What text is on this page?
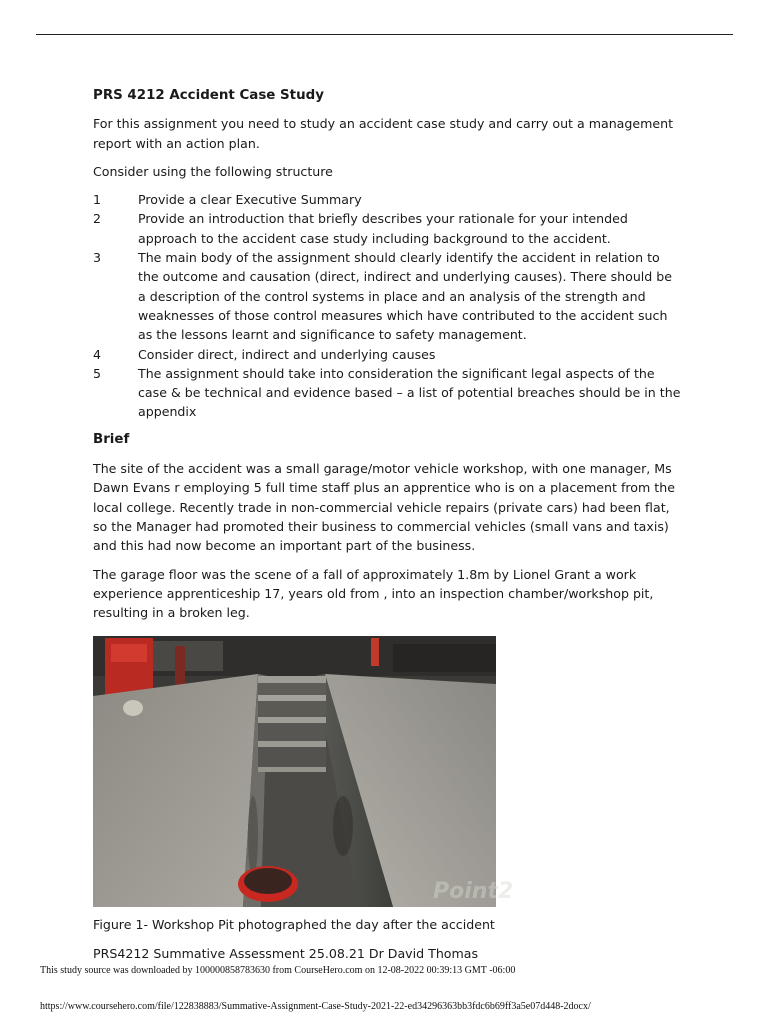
PRS 4212 Accident Case Study

For this assignment you need to study an accident case study and carry out a management report with an action plan.

Consider using the following structure

1	Provide a clear Executive Summary
2	Provide an introduction that briefly describes your rationale for your intended approach to the accident case study including background to the accident.
3	The main body of the assignment should clearly identify the accident in relation to the outcome and causation (direct, indirect and underlying causes). There should be a description of the control systems in place and an analysis of the strength and weaknesses of those control measures which have contributed to the accident such as the lessons learnt and significance to safety management.
4	Consider direct, indirect and underlying causes
5	The assignment should take into consideration the significant legal aspects of the case & be technical and evidence based – a list of potential breaches should be in the appendix
Brief

The site of the accident was a small garage/motor vehicle workshop, with one manager, Ms Dawn Evans r employing 5 full time staff plus an apprentice who is on a placement from the local college. Recently trade in non-commercial vehicle repairs (private cars) had been flat, so the Manager had promoted their business to commercial vehicles (small vans and taxis) and this had now become an important part of the business.

The garage floor was the scene of a fall of approximately 1.8m by Lionel Grant a work experience apprenticeship 17, years old from , into an inspection chamber/workshop pit, resulting in a broken leg.

Point2
Figure 1- Workshop Pit photographed the day after the accident
PRS4212 Summative Assessment 25.08.21 Dr David Thomas
This study source was downloaded by 100000858783630 from CourseHero.com on 12-08-2022 00:39:13 GMT -06:00
https://www.coursehero.com/file/122838883/Summative-Assignment-Case-Study-2021-22-ed34296363bb3fdc6b69ff3a5e07d448-2docx/
